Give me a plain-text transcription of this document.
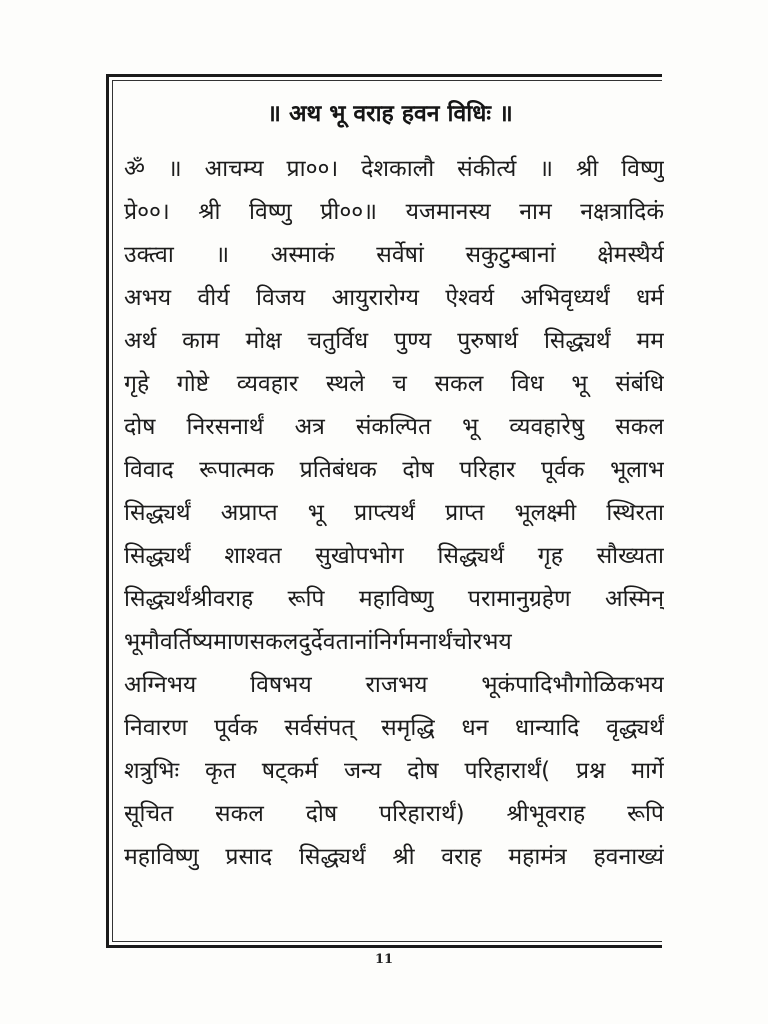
॥ अथ भू वराह हवन विधिः ॥
ॐ ॥ आचम्य प्रा००। देशकालौ संकीर्त्य ॥ श्री विष्णु
प्रे००। श्री विष्णु प्री००॥ यजमानस्य नाम नक्षत्रादिकं
उक्त्वा ॥ अस्माकं सर्वेषां सकुटुम्बानां क्षेमस्थैर्य
अभय वीर्य विजय आयुरारोग्य ऐश्वर्य अभिवृध्यर्थं धर्म
अर्थ काम मोक्ष चतुर्विध पुण्य पुरुषार्थ सिद्ध्यर्थं मम
गृहे गोष्टे व्यवहार स्थले च सकल विध भू संबंधि
दोष निरसनार्थं अत्र संकल्पित भू व्यवहारेषु सकल
विवाद रूपात्मक प्रतिबंधक दोष परिहार पूर्वक भूलाभ
सिद्ध्यर्थं अप्राप्त भू प्राप्त्यर्थं प्राप्त भूलक्ष्मी स्थिरता
सिद्ध्यर्थं शाश्वत सुखोपभोग सिद्ध्यर्थं गृह सौख्यता
सिद्ध्यर्थंश्रीवराह रूपि महाविष्णु परामानुग्रहेण अस्मिन्
भूमौवर्तिष्यमाणसकलदुर्देवतानांनिर्गमनार्थंचोरभय
अग्निभय विषभय राजभय भूकंपादिभौगोळिकभय
निवारण पूर्वक सर्वसंपत् समृद्धि धन धान्यादि वृद्ध्यर्थं
शत्रुभिः कृत षट्कर्म जन्य दोष परिहारार्थं( प्रश्न मार्गे
सूचित सकल दोष परिहारार्थं) श्रीभूवराह रूपि
महाविष्णु प्रसाद सिद्ध्यर्थं श्री वराह महामंत्र हवनाख्यं
11
